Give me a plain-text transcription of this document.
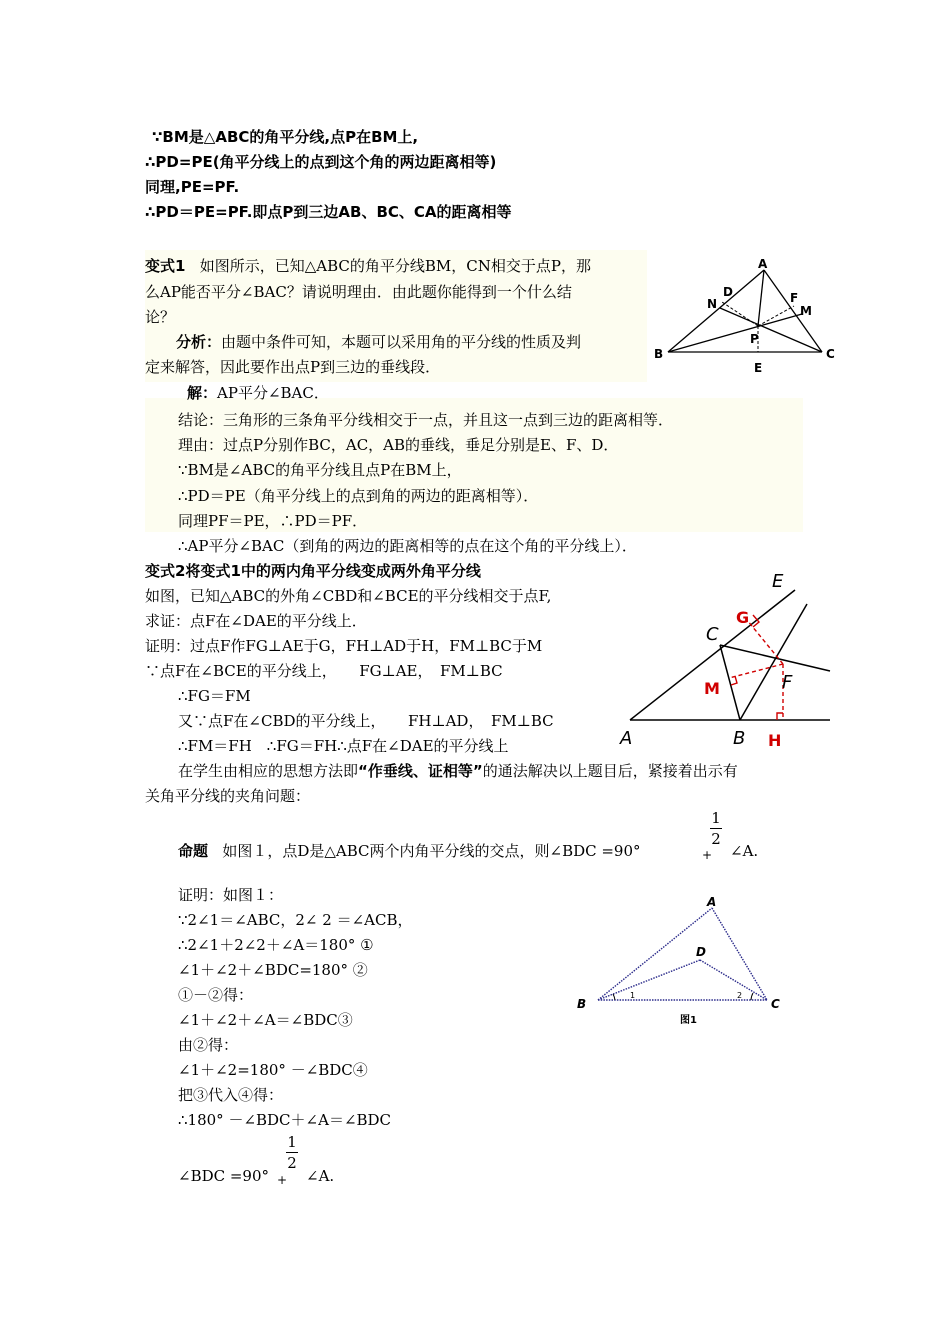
∵BM是△ABC的角平分线,点P在BM上,
∴PD=PE(角平分线上的点到这个角的两边距离相等)
同理,PE=PF.
∴PD＝PE=PF.即点P到三边AB、BC、CA的距离相等
变式1 如图所示，已知△ABC的角平分线BM，CN相交于点P，那
么AP能否平分∠BAC？请说明理由．由此题你能得到一个什么结
论？
分析：由题中条件可知，本题可以采用角的平分线的性质及判
定来解答，因此要作出点P到三边的垂线段．
解：AP平分∠BAC．
结论：三角形的三条角平分线相交于一点，并且这一点到三边的距离相等．
理由：过点P分别作BC，AC，AB的垂线，垂足分别是E、F、D．
∵BM是∠ABC的角平分线且点P在BM上，
∴PD＝PE（角平分线上的点到角的两边的距离相等）．
同理PF＝PE，∴PD＝PF．
∴AP平分∠BAC（到角的两边的距离相等的点在这个角的平分线上）．
A
B	C
D
E
F
M
N
P
变式2将变式1中的两内角平分线变成两外角平分线
如图，已知△ABC的外角∠CBD和∠BCE的平分线相交于点F,
求证：点F在∠DAE的平分线上．
证明：过点F作FG⊥AE于G，FH⊥AD于H，FM⊥BC于M
∵点F在∠BCE的平分线上，　　FG⊥AE，　FM⊥BC
∴FG＝FM
又∵点F在∠CBD的平分线上，　　FH⊥AD，　FM⊥BC
∴FM＝FH　∴FG＝FH∴点F在∠DAE的平分线上	A	B
C
E
F
G
H
M
在学生由相应的思想方法即“作垂线、证相等”的通法解决以上题目后，紧接着出示有
关角平分线的夹角问题：
命题 如图１，点D是△ABC两个内角平分线的交点，则∠BDC =90°	+
1
2
∠A.
证明：如图１：
∵2∠1＝∠ABC，2∠ 2 ＝∠ACB，
∴2∠1＋2∠2＋∠A＝180° ①
∠1＋∠2＋∠BDC=180° ②
①－②得：
∠1＋∠2＋∠A＝∠BDC③
由②得：
∠1＋∠2=180° －∠BDC④
把③代入④得：
∴180° －∠BDC＋∠A＝∠BDC
∠BDC =90° +
1
2
∠A.
A
B	C
D
1	2
图1
